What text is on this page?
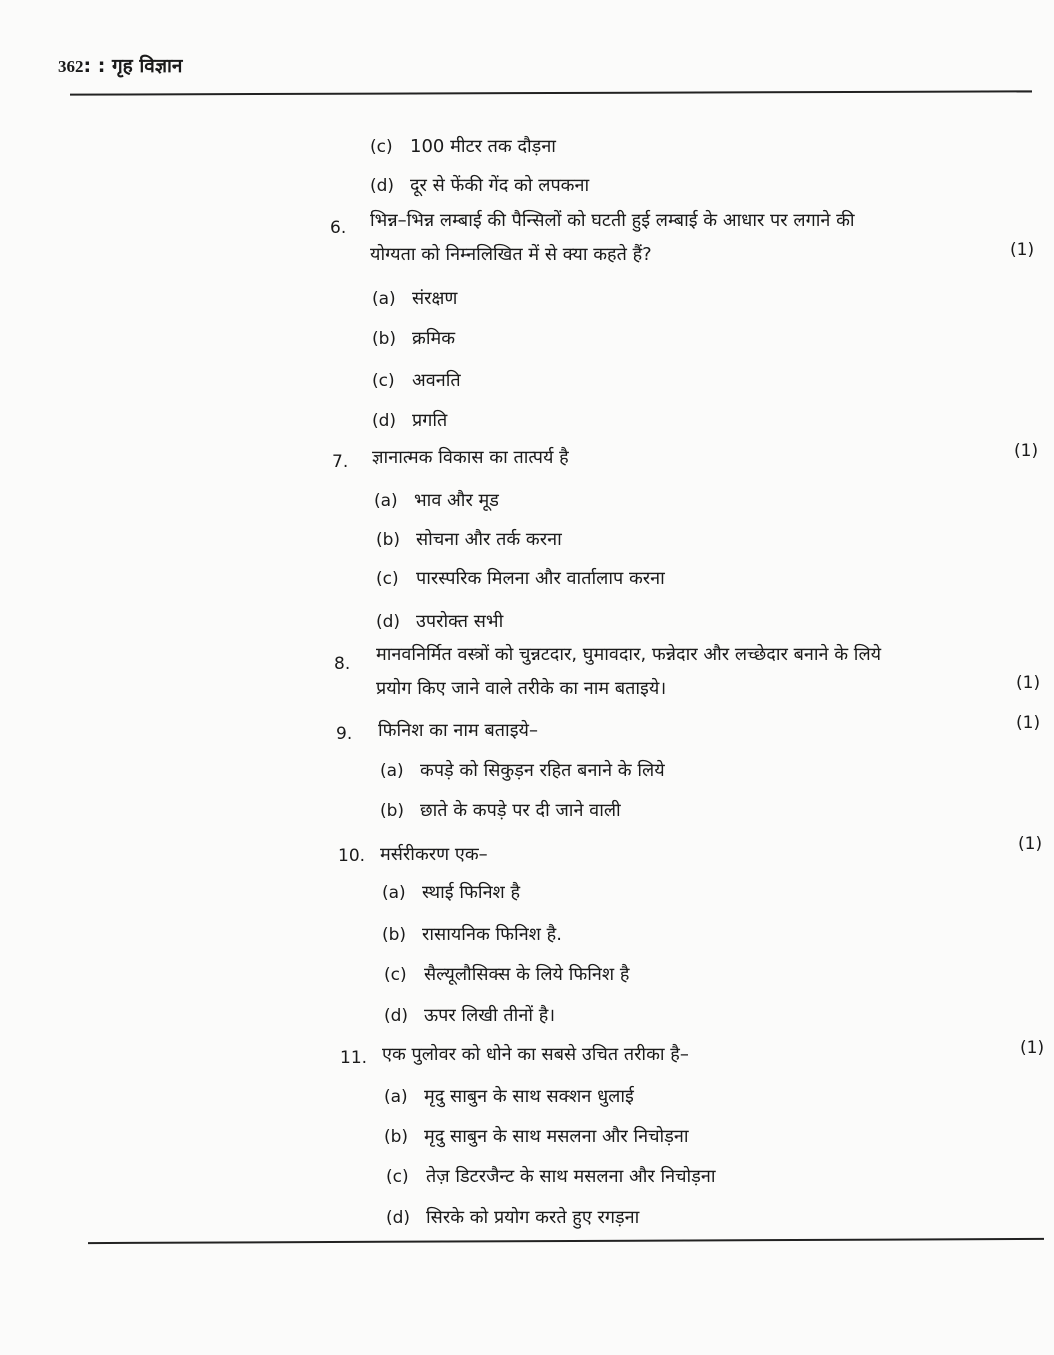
362: : गृह विज्ञान
(c) 100 मीटर तक दौड़ना
(d) दूर से फेंकी गेंद को लपकना
6. भिन्न–भिन्न लम्बाई की पैन्सिलों को घटती हुई लम्बाई के आधार पर लगाने की
योग्यता को निम्नलिखित में से क्या कहते हैं?	(1)
(a) संरक्षण
(b) क्रमिक
(c) अवनति
(d) प्रगति
7. ज्ञानात्मक विकास का तात्पर्य है	(1)
(a) भाव और मूड
(b) सोचना और तर्क करना
(c) पारस्परिक मिलना और वार्तालाप करना
(d) उपरोक्त सभी
8. मानवनिर्मित वस्त्रों को चुन्नटदार, घुमावदार, फन्नेदार और लच्छेदार बनाने के लिये
प्रयोग किए जाने वाले तरीके का नाम बताइये।	(1)
9. फिनिश का नाम बताइये–	(1)
(a) कपड़े को सिकुड़न रहित बनाने के लिये
(b) छाते के कपड़े पर दी जाने वाली
10. मर्सरीकरण एक–	(1)
(a) स्थाई फिनिश है
(b) रासायनिक फिनिश है.
(c) सैल्यूलौसिक्स के लिये फिनिश है
(d) ऊपर लिखी तीनों है।
11. एक पुलोवर को धोने का सबसे उचित तरीका है–	(1)
(a) मृदु साबुन के साथ सक्शन धुलाई
(b) मृदु साबुन के साथ मसलना और निचोड़ना
(c) तेज़ डिटरजैन्ट के साथ मसलना और निचोड़ना
(d) सिरके को प्रयोग करते हुए रगड़ना
